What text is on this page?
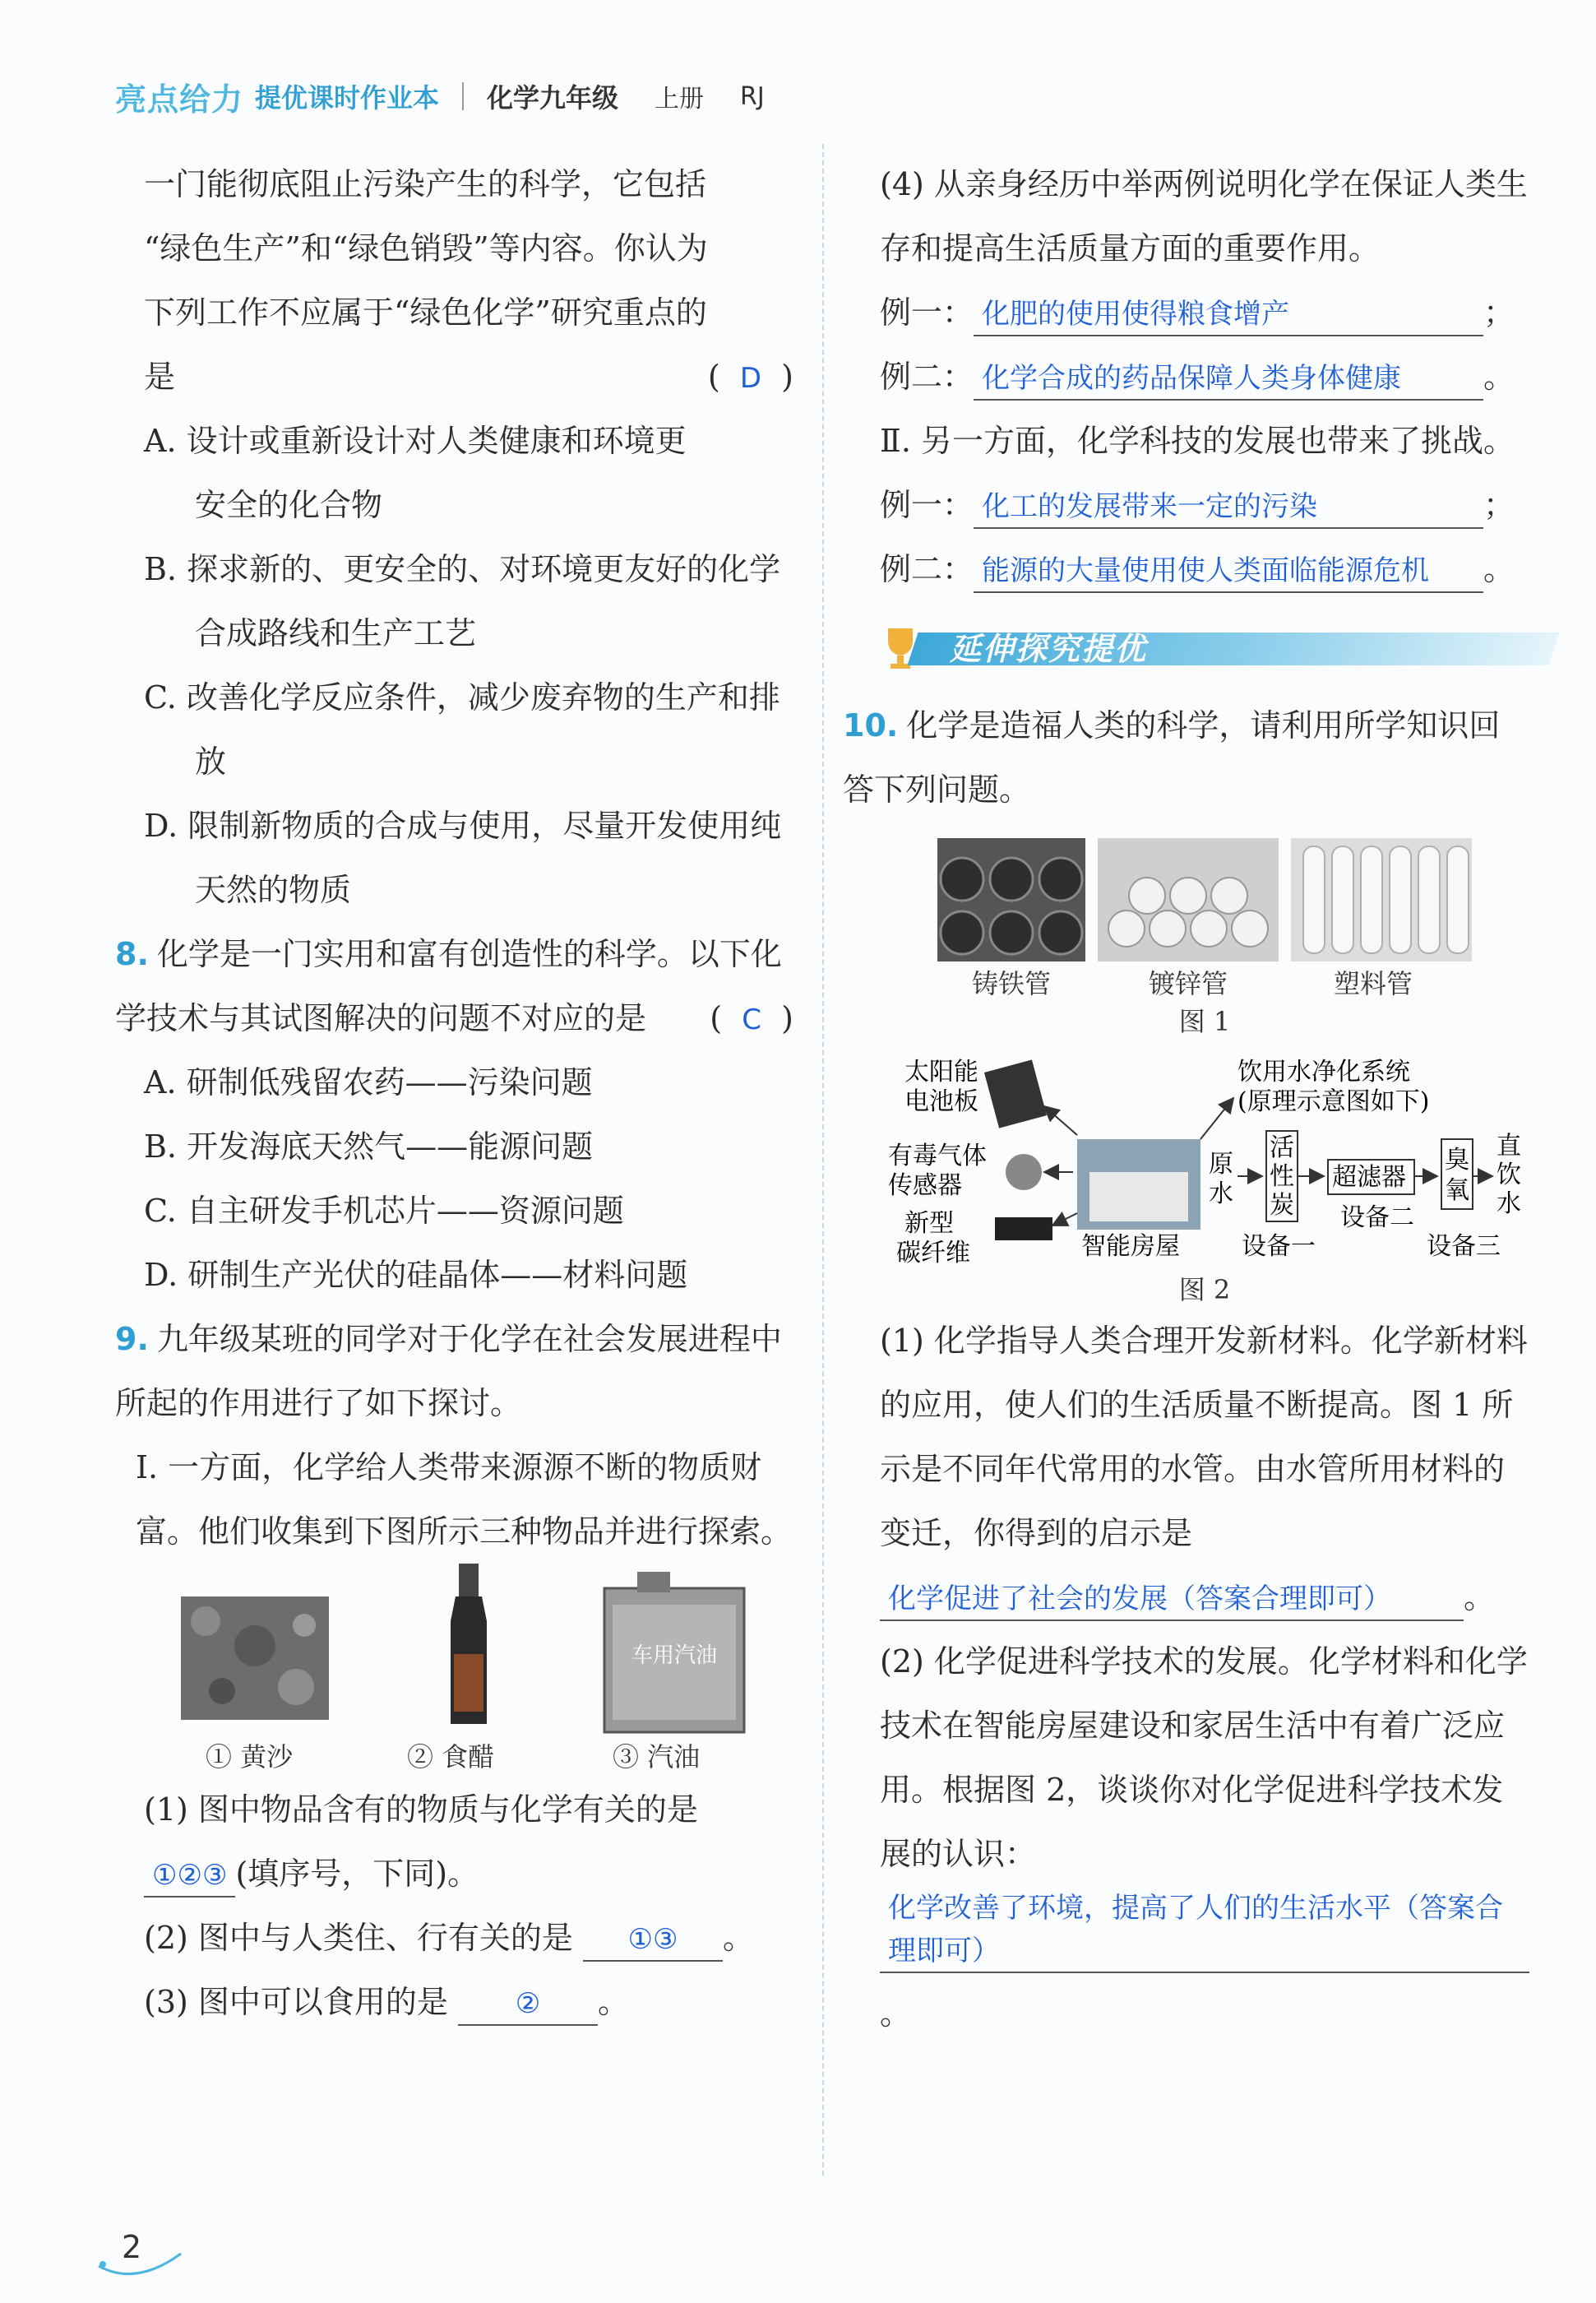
亮点给力 提优课时作业本 化学九年级 上册 RJ

一门能彻底阻止污染产生的科学，它包括

“绿色生产”和“绿色销毁”等内容。你认为

下列工作不应属于“绿色化学”研究重点的

是	(  D  )

A. 设计或重新设计对人类健康和环境更安全的化合物

B. 探求新的、更安全的、对环境更友好的化学合成路线和生产工艺

C. 改善化学反应条件，减少废弃物的生产和排放

D. 限制新物质的合成与使用，尽量开发使用纯天然的物质

8. 化学是一门实用和富有创造性的科学。以下化学技术与其试图解决的问题不对应的是 (  C  )

A. 研制低残留农药——污染问题

B. 开发海底天然气——能源问题

C. 自主研发手机芯片——资源问题

D. 研制生产光伏的硅晶体——材料问题

9. 九年级某班的同学对于化学在社会发展进程中所起的作用进行了如下探讨。

Ⅰ. 一方面，化学给人类带来源源不断的物质财富。他们收集到下图所示三种物品并进行探索。

车用汽油
① 黄沙	② 食醋	③ 汽油

(1) 图中物品含有的物质与化学有关的是

①②③ (填序号，下同)。

(2) 图中与人类住、行有关的是 ①③ 。

(3) 图中可以食用的是 ② 。

(4) 从亲身经历中举两例说明化学在保证人类生存和提高生活质量方面的重要作用。

例一： 化肥的使用使得粮食增产	；

例二： 化学合成的药品保障人类身体健康	。

Ⅱ. 另一方面，化学科技的发展也带来了挑战。

例一： 化工的发展带来一定的污染	；

例二： 能源的大量使用使人类面临能源危机 。

延伸探究提优

10. 化学是造福人类的科学，请利用所学知识回答下列问题。

铸铁管	镀锌管	塑料管
图 1
太阳能
电池板
有毒气体
传感器
新型
碳纤维	智能房屋
饮用水净化系统
(原理示意图如下)
原
水
活
性
炭
超滤器
臭
氧
直
饮
水
设备一
设备二
设备三
图 2

(1) 化学指导人类合理开发新材料。化学新材料的应用，使人们的生活质量不断提高。图 1 所示是不同年代常用的水管。由水管所用材料的变迁，你得到的启示是

化学促进了社会的发展（答案合理即可） 。

(2) 化学促进科学技术的发展。化学材料和化学技术在智能房屋建设和家居生活中有着广泛应用。根据图 2，谈谈你对化学促进科学技术发展的认识：

化学改善了环境，提高了人们的生活水平（答案合理即可）。

2
